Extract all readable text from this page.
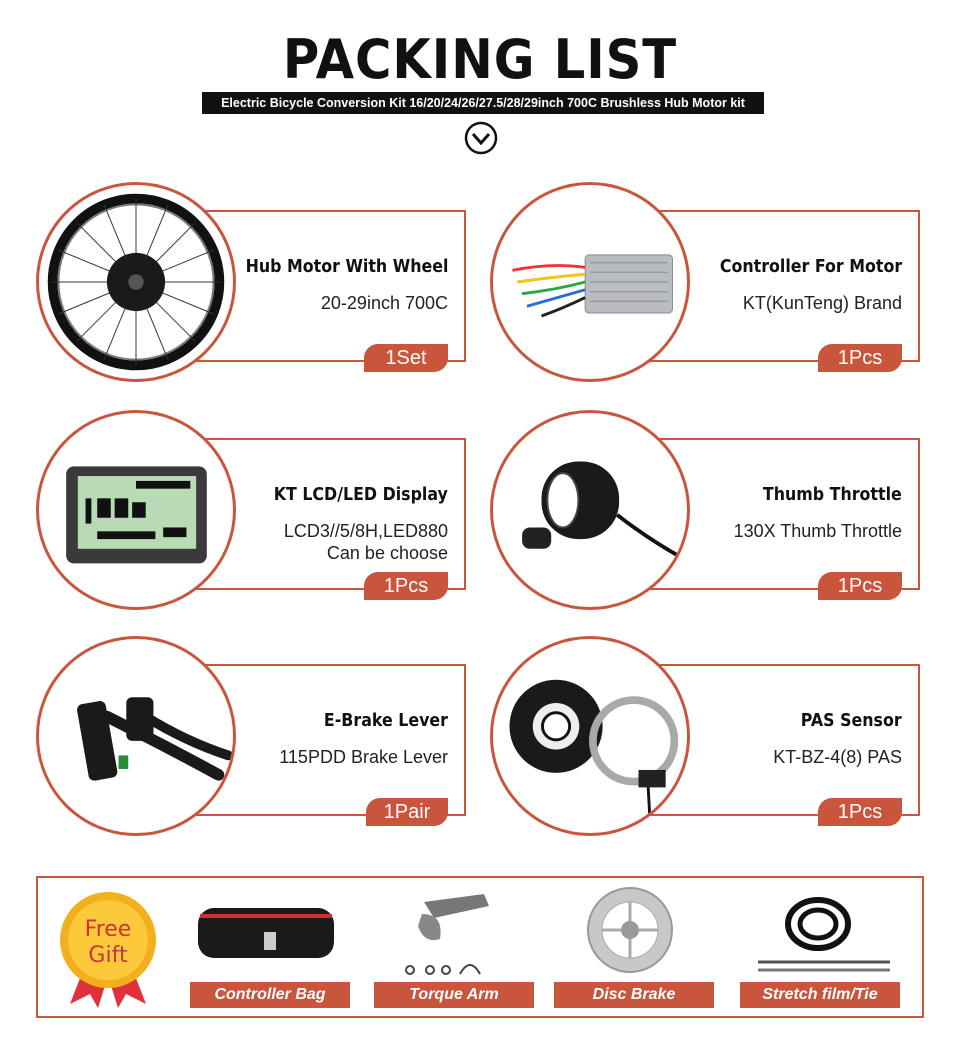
PACKING LIST
Electric Bicycle Conversion Kit 16/20/24/26/27.5/28/29inch 700C Brushless Hub Motor kit
Hub Motor With Wheel
20-29inch 700C
1Set
Controller For Motor
KT(KunTeng) Brand
1Pcs
KT LCD/LED Display
LCD3//5/8H,LED880
Can be choose
1Pcs
Thumb Throttle
130X Thumb Throttle
1Pcs
E-Brake Lever
115PDD Brake Lever
1Pair
PAS Sensor
KT-BZ-4(8) PAS
1Pcs
Free
Gift
Controller Bag	Torque Arm	Disc Brake	Stretch film/Tie
